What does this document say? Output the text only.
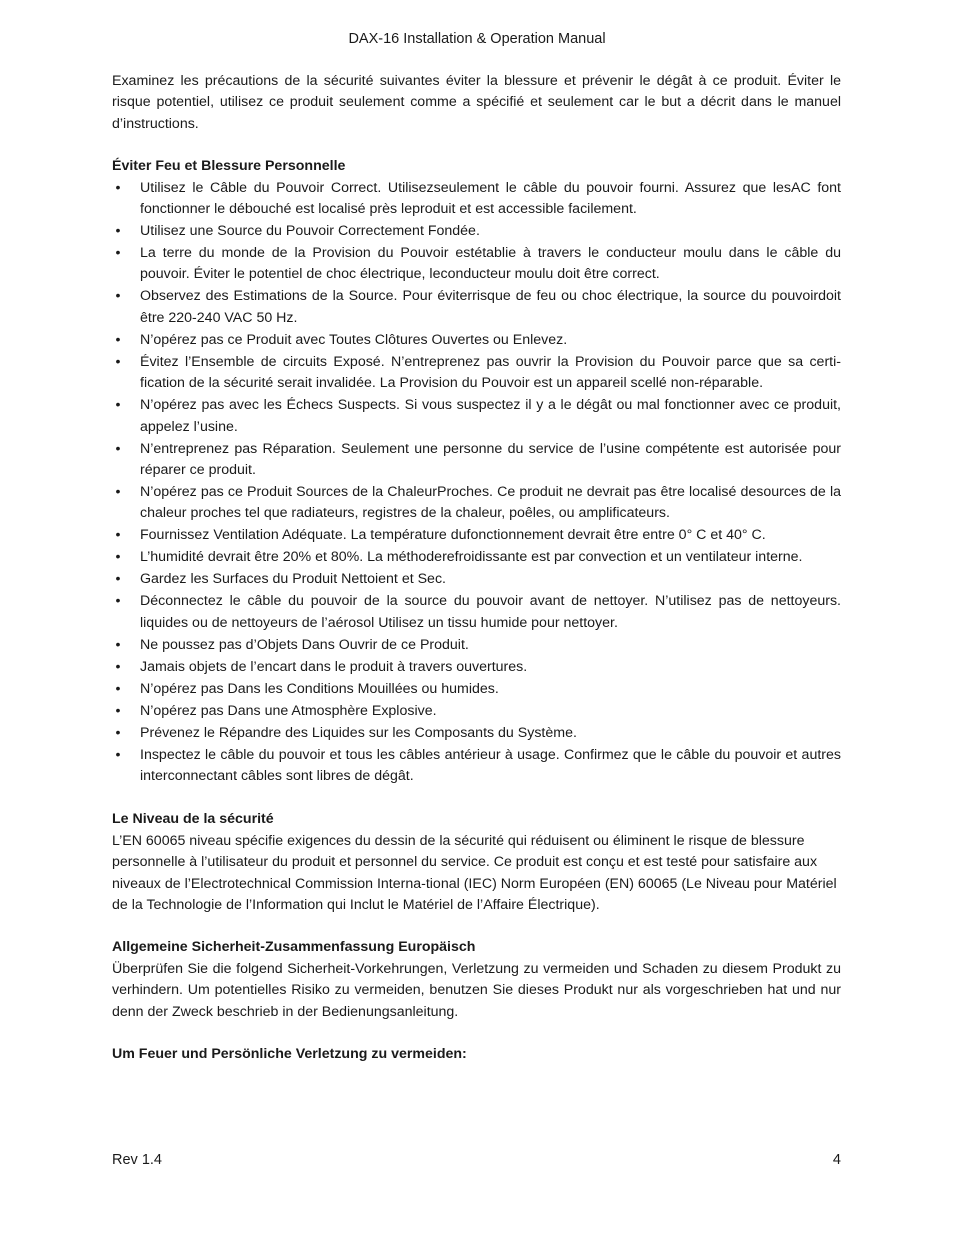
DAX-16 Installation & Operation Manual

Examinez les précautions de la sécurité suivantes éviter la blessure et prévenir le dégât à ce produit. Éviter le risque potentiel, utilisez ce produit seulement comme a spécifié et seulement car le but a décrit dans le manuel d’instructions.

Éviter Feu et Blessure Personnelle

• Utilisez le Câble du Pouvoir Correct. Utilisezseulement le câble du pouvoir fourni. Assurez que lesAC font fonctionner le débouché est localisé près leproduit et est accessible facilement.
• Utilisez une Source du Pouvoir Correctement Fondée.
• La terre du monde de la Provision du Pouvoir estétablie à travers le conducteur moulu dans le câble du pouvoir. Éviter le potentiel de choc électrique, leconducteur moulu doit être correct.
• Observez des Estimations de la Source. Pour éviterrisque de feu ou choc électrique, la source du pouvoirdoit être 220-240 VAC 50 Hz.
• N’opérez pas ce Produit avec Toutes Clôtures Ouvertes ou Enlevez.
• Évitez l’Ensemble de circuits Exposé. N’entreprenez pas ouvrir la Provision du Pouvoir parce que sa certi-fication de la sécurité serait invalidée. La Provision du Pouvoir est un appareil scellé non-réparable.
• N’opérez pas avec les Échecs Suspects. Si vous suspectez il y a le dégât ou mal fonctionner avec ce produit, appelez l’usine.
• N’entreprenez pas Réparation. Seulement une personne du service de l’usine compétente est autorisée pour réparer ce produit.
• N’opérez pas ce Produit Sources de la ChaleurProches. Ce produit ne devrait pas être localisé desources de la chaleur proches tel que radiateurs, registres de la chaleur, poêles, ou amplificateurs.
• Fournissez Ventilation Adéquate. La température dufonctionnement devrait être entre 0° C et 40° C.
• L’humidité devrait être 20% et 80%. La méthoderefroidissante est par convection et un ventilateur interne.
• Gardez les Surfaces du Produit Nettoient et Sec.
• Déconnectez le câble du pouvoir de la source du pouvoir avant de nettoyer. N’utilisez pas de nettoyeurs. liquides ou de nettoyeurs de l’aérosol Utilisez un tissu humide pour nettoyer.
• Ne poussez pas d’Objets Dans Ouvrir de ce Produit.
• Jamais objets de l’encart dans le produit à travers ouvertures.
• N’opérez pas Dans les Conditions Mouillées ou humides.
• N’opérez pas Dans une Atmosphère Explosive.
• Prévenez le Répandre des Liquides sur les Composants du Système.
• Inspectez le câble du pouvoir et tous les câbles antérieur à usage. Confirmez que le câble du pouvoir et autres interconnectant câbles sont libres de dégât.

Le Niveau de la sécurité

L’EN 60065 niveau spécifie exigences du dessin de la sécurité qui réduisent ou éliminent le risque de blessure personnelle à l’utilisateur du produit et personnel du service. Ce produit est conçu et est testé pour satisfaire aux niveaux de l’Electrotechnical Commission Interna-tional (IEC) Norm Européen (EN) 60065 (Le Niveau pour Matériel de la Technologie de l’Information qui Inclut le Matériel de l’Affaire Électrique).

Allgemeine Sicherheit-Zusammenfassung Europäisch

Überprüfen Sie die folgend Sicherheit-Vorkehrungen, Verletzung zu vermeiden und Schaden zu diesem Produkt zu verhindern. Um potentielles Risiko zu vermeiden, benutzen Sie dieses Produkt nur als vorgeschrieben hat und nur denn der Zweck beschrieb in der Bedienungsanleitung.

Um Feuer und Persönliche Verletzung zu vermeiden:

Rev 1.4	4
